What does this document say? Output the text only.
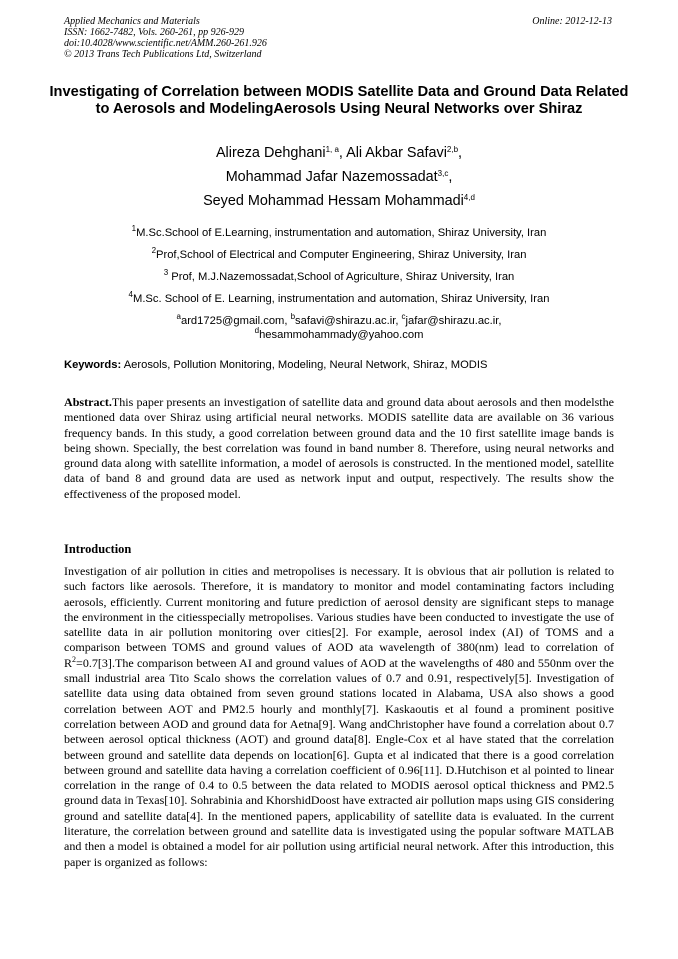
Applied Mechanics and Materials
ISSN: 1662-7482, Vols. 260-261, pp 926-929
doi:10.4028/www.scientific.net/AMM.260-261.926
© 2013 Trans Tech Publications Ltd, Switzerland
Online: 2012-12-13
Investigating of Correlation between MODIS Satellite Data and Ground Data Related to Aerosols and ModelingAerosols Using Neural Networks over Shiraz
Alireza Dehghani$^{1, a}$, Ali Akbar Safavi$^{2,b}$,
Mohammad Jafar Nazemossadat$^{3,c}$,
Seyed Mohammad Hessam Mohammadi$^{4,d}$
$^1$M.Sc.School of E.Learning, instrumentation and automation, Shiraz University, Iran
$^2$Prof,School of Electrical and Computer Engineering, Shiraz University, Iran
$^3$ Prof, M.J.Nazemossadat,School of Agriculture, Shiraz University, Iran
$^4$M.Sc. School of E. Learning, instrumentation and automation, Shiraz University, Iran
$^a$ard1725@gmail.com, $^b$safavi@shirazu.ac.ir, $^c$jafar@shirazu.ac.ir,
$^d$hesammohammady@yahoo.com
Keywords: Aerosols, Pollution Monitoring, Modeling, Neural Network, Shiraz, MODIS
Abstract.This paper presents an investigation of satellite data and ground data about aerosols and then modelsthe mentioned data over Shiraz using artificial neural networks. MODIS satellite data are available on 36 various frequency bands. In this study, a good correlation between ground data and the 10 first satellite image bands is being shown. Specially, the best correlation was found in band number 8. Therefore, using neural networks and ground data along with satellite information, a model of aerosols is constructed. In the mentioned model, satellite data of band 8 and ground data are used as network input and output, respectively. The results show the effectiveness of the proposed model.
Introduction

Investigation of air pollution in cities and metropolises is necessary. It is obvious that air pollution is related to such factors like aerosols. Therefore, it is mandatory to monitor and model contaminating factors including aerosols, efficiently. Current monitoring and future prediction of aerosol density are significant steps to manage the environment in the citiesspecially metropolises. Various studies have been conducted to investigate the use of satellite data in air pollution monitoring over cities[2]. For example, aerosol index (AI) of TOMS and a comparison between TOMS and ground values of AOD ata wavelength of 380(nm) lead to correlation of $R^2=0.7[3].The$ comparison between AI and ground values of AOD at the wavelengths of 480 and 550nm over the small industrial area Tito Scalo shows the correlation values of 0.7 and 0.91, respectively[5]. Investigation of satellite data using data obtained from seven ground stations located in Alabama, USA also shows a good correlation between AOT and PM2.5 hourly and monthly[7]. Kaskaoutis et al found a prominent positive correlation between AOD and ground data for Aetna[9]. Wang andChristopher have found a correlation about 0.7 between aerosol optical thickness (AOT) and ground data[8]. Engle-Cox et al have stated that the correlation between ground and satellite data depends on location[6]. Gupta et al indicated that there is a good correlation between ground and satellite data having a correlation coefficient of 0.96[11]. D.Hutchison et al pointed to linear correlation in the range of 0.4 to 0.5 between the data related to MODIS aerosol optical thickness and PM2.5 ground data in Texas[10]. Sohrabinia and KhorshidDoost have extracted air pollution maps using GIS considering ground and satellite data[4]. In the mentioned papers, applicability of satellite data is evaluated. In the current literature, the correlation between ground and satellite data is investigated using the popular software MATLAB and then a model is obtained a model for air pollution using artificial neural network. After this introduction, this paper is organized as follows:
